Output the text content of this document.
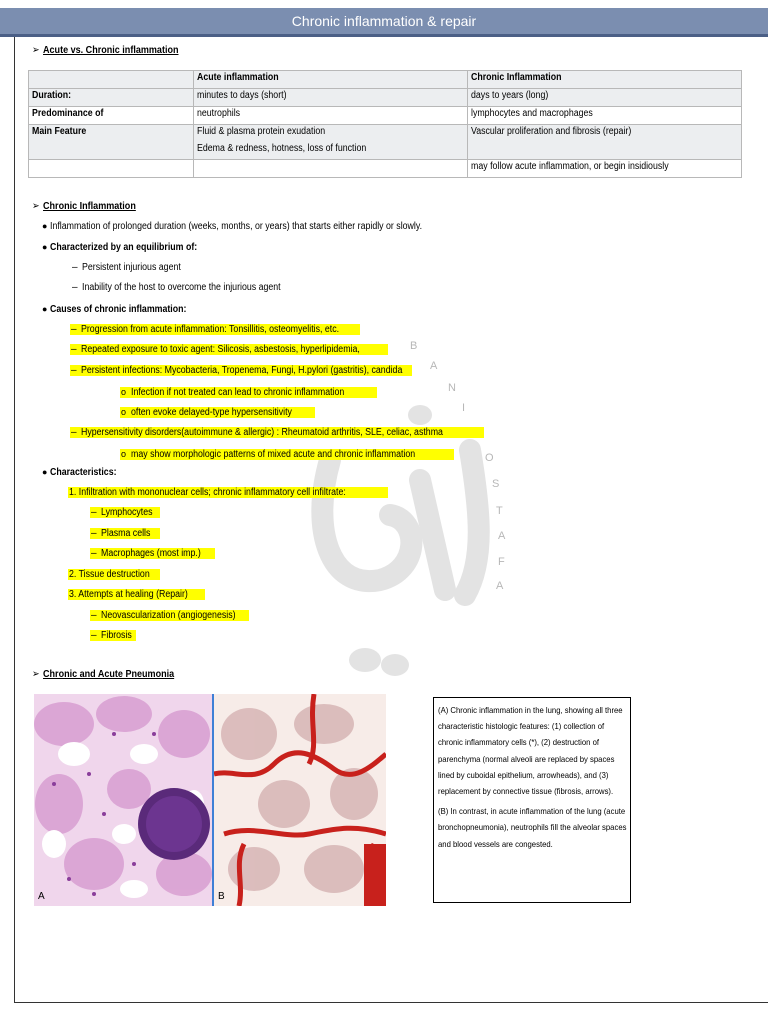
Chronic inflammation & repair
➢ Acute vs. Chronic inflammation
	Acute inflammation	Chronic Inflammation
Duration:	minutes to days (short)	days to years (long)
Predominance of	neutrophils	lymphocytes and macrophages
Main Feature	Fluid & plasma protein exudation	Vascular proliferation and fibrosis (repair)
	Edema & redness, hotness, loss of function	
		may follow acute inflammation, or begin insidiously
B
A
N
I
O
S
T
A
F
A
➢ Chronic Inflammation
● Inflammation of prolonged duration (weeks, months, or years) that starts either rapidly or slowly.
● Characterized by an equilibrium of:
– Persistent injurious agent
– Inability of the host to overcome the injurious agent
● Causes of chronic inflammation:
– Progression from acute inflammation: Tonsillitis, osteomyelitis, etc.
– Repeated exposure to toxic agent: Silicosis, asbestosis, hyperlipidemia,
– Persistent infections: Mycobacteria, Tropenema, Fungi, H.pylori (gastritis), candida
o Infection if not treated can lead to chronic inflammation
o often evoke delayed-type hypersensitivity
– Hypersensitivity disorders(autoimmune & allergic) : Rheumatoid arthritis, SLE, celiac, asthma
o may show morphologic patterns of mixed acute and chronic inflammation
● Characteristics:
1. Infiltration with mononuclear cells; chronic inflammatory cell infiltrate:
– Lymphocytes
– Plasma cells
– Macrophages (most imp.)
2. Tissue destruction
3. Attempts at healing (Repair)
– Neovascularization (angiogenesis)
– Fibrosis
➢ Chronic and Acute Pneumonia
A	B

(A) Chronic inflammation in the lung, showing all three characteristic histologic features: (1) collection of chronic inflammatory cells (*), (2) destruction of parenchyma (normal alveoli are replaced by spaces lined by cuboidal epithelium, arrowheads), and (3) replacement by connective tissue (fibrosis, arrows).

(B) In contrast, in acute inflammation of the lung (acute bronchopneumonia), neutrophils fill the alveolar spaces and blood vessels are congested.
